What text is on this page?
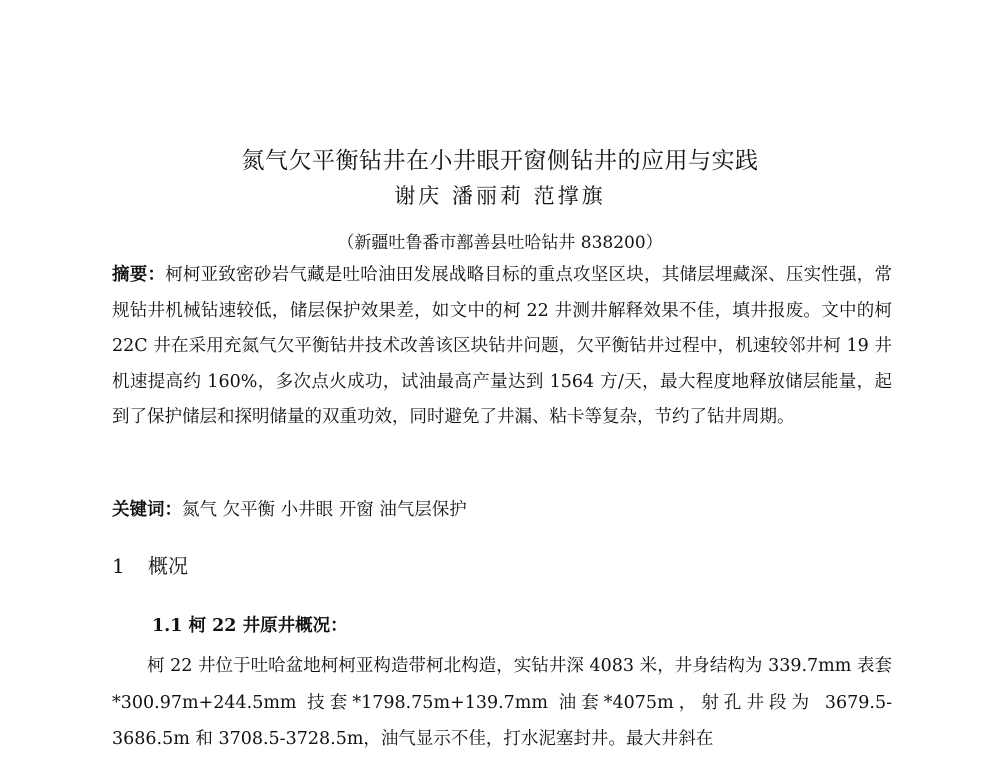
氮气欠平衡钻井在小井眼开窗侧钻井的应用与实践
谢庆 潘丽莉 范撑旗
（新疆吐鲁番市鄯善县吐哈钻井 838200）
摘要：柯柯亚致密砂岩气藏是吐哈油田发展战略目标的重点攻坚区块，其储层埋藏深、压实性强，常规钻井机械钻速较低，储层保护效果差，如文中的柯 22 井测井解释效果不佳，填井报废。文中的柯 22C 井在采用充氮气欠平衡钻井技术改善该区块钻井问题，欠平衡钻井过程中，机速较邻井柯 19 井机速提高约 160%，多次点火成功，试油最高产量达到 1564 方/天，最大程度地释放储层能量，起到了保护储层和探明储量的双重功效，同时避免了井漏、粘卡等复杂，节约了钻井周期。
关键词：氮气 欠平衡 小井眼 开窗 油气层保护
1 概况
1.1 柯 22 井原井概况：
柯 22 井位于吐哈盆地柯柯亚构造带柯北构造，实钻井深 4083 米，井身结构为 339.7mm 表套*300.97m+244.5mm 技套*1798.75m+139.7mm 油套*4075m，射孔井段为 3679.5-3686.5m 和 3708.5-3728.5m，油气显示不佳，打水泥塞封井。最大井斜在
